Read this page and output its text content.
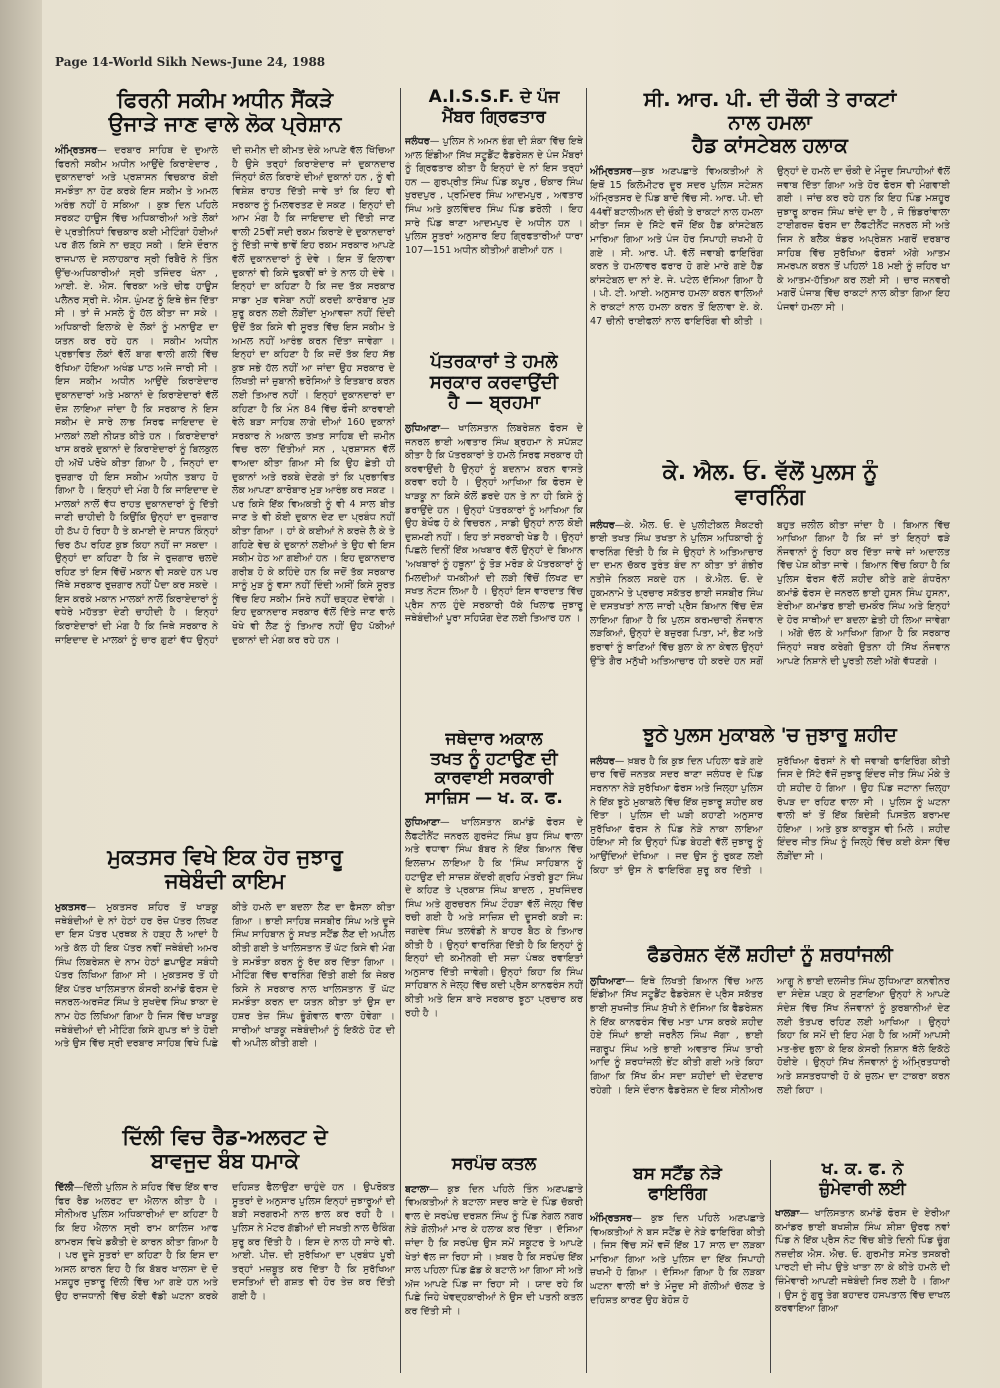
Page 14-World Sikh News-June 24, 1988
ਫਿਰਨੀ ਸਕੀਮ ਅਧੀਨ ਸੈਂਕੜੇ
ਉਜਾੜੇ ਜਾਣ ਵਾਲੇ ਲੋਕ ਪ੍ਰੇਸ਼ਾਨ
ਅੰਮ੍ਰਿਤਸਰ— ਦਰਬਾਰ ਸਾਹਿਬ ਦੇ ਦੁਆਲੇ ਫਿਰਨੀ ਸਕੀਮ ਅਧੀਨ ਆਉਂਦੇ ਕਿਰਾਏਦਾਰ , ਦੁਕਾਨਦਾਰਾਂ ਅਤੇ ਪ੍ਰਸ਼ਾਸਨ ਵਿਚਕਾਰ ਕੋਈ ਸਮਝੌਤਾ ਨਾ ਹੋਣ ਕਰਕੇ ਇਸ ਸਕੀਮ ਤੇ ਅਮਲ ਅਰੰਭ ਨਹੀਂ ਹੋ ਸਕਿਆ । ਕੁਝ ਦਿਨ ਪਹਿਲੇ ਸਰਕਟ ਹਾਊਸ ਵਿੱਚ ਅਧਿਕਾਰੀਆਂ ਅਤੇ ਲੋਕਾਂ ਦੇ ਪ੍ਰਤੀਨਿਧਾਂ ਵਿਚਕਾਰ ਕਈ ਮੀਟਿੰਗਾਂ ਹੋਈਆਂ ਪਰ ਗੱਲ ਕਿਸੇ ਨਾ ਚੜ੍ਹ ਸਕੀ । ਇਸੇ ਦੌਰਾਨ ਰਾਜਪਾਲ ਦੇ ਸਲਾਹਕਾਰ ਸ੍ਰੀ ਰਿਬੈਰੋ ਨੇ ਤਿੰਨ ਉੱਚ-ਅਧਿਕਾਰੀਆਂ ਸ੍ਰੀ ਤਜਿੰਦਰ ਖੰਨਾ , ਆਈ. ਏ. ਐਸ. ਵਿਰਕਾ ਅਤੇ ਚੀਫ ਹਾਊਸ ਪਲੈਨਰ ਸ੍ਰੀ ਜੇ. ਐਸ. ਘੁੰਮਣ ਨੂੰ ਇਥੇ ਭੇਜ ਦਿੱਤਾ ਸੀ । ਤਾਂ ਜੋ ਮਸਲੇ ਨੂੰ ਹੱਲ ਕੀਤਾ ਜਾ ਸਕੇ । ਅਧਿਕਾਰੀ ਇਲਾਕੇ ਦੇ ਲੋਕਾਂ ਨੂੰ ਮਨਾਉਣ ਦਾ ਯਤਨ ਕਰ ਰਹੇ ਹਨ । ਸਕੀਮ ਅਧੀਨ ਪ੍ਰਭਾਵਿਤ ਲੋਕਾਂ ਵੱਲੋਂ ਬਾਗ ਵਾਲੀ ਗਲੀ ਵਿੱਚ ਰੱਖਿਆ ਹੋਇਆ ਅਖੰਡ ਪਾਠ ਅਜੇ ਜਾਰੀ ਸੀ । ਇਸ ਸਕੀਮ ਅਧੀਨ ਆਉਂਦੇ ਕਿਰਾਏਦਾਰ ਦੁਕਾਨਦਾਰਾਂ ਅਤੇ ਮਕਾਨਾਂ ਦੇ ਕਿਰਾਏਦਾਰਾਂ ਵੱਲੋਂ ਦੋਸ਼ ਲਾਇਆ ਜਾਂਦਾ ਹੈ ਕਿ ਸਰਕਾਰ ਨੇ ਇਸ ਸਕੀਮ ਦੇ ਸਾਰੇ ਲਾਭ ਸਿਰਫ ਜਾਇਦਾਦ ਦੇ ਮਾਲਕਾਂ ਲਈ ਨੀਯਤ ਕੀਤੇ ਹਨ । ਕਿਰਾਏਦਾਰਾਂ ਖਾਸ ਕਰਕੇ ਦੁਕਾਨਾਂ ਦੇ ਕਿਰਾਏਦਾਰਾਂ ਨੂੰ ਬਿਲਕੁਲ ਹੀ ਅੱਖੋਂ ਪਰੋਖੇ ਕੀਤਾ ਗਿਆ ਹੈ , ਜਿਨ੍ਹਾਂ ਦਾ ਰੁਜ਼ਗਾਰ ਹੀ ਇਸ ਸਕੀਮ ਅਧੀਨ ਤਬਾਹ ਹੋ ਗਿਆ ਹੈ । ਇਨ੍ਹਾਂ ਦੀ ਮੰਗ ਹੈ ਕਿ ਜਾਇਦਾਦ ਦੇ ਮਾਲਕਾਂ ਨਾਲੋਂ ਵੱਧ ਰਾਹਤ ਦੁਕਾਨਦਾਰਾਂ ਨੂੰ ਦਿੱਤੀ ਜਾਣੀ ਚਾਹੀਦੀ ਹੈ ਕਿਉਂਕਿ ਉਨ੍ਹਾਂ ਦਾ ਰੁਜ਼ਗਾਰ ਹੀ ਠੱਪ ਹੋ ਰਿਹਾ ਹੈ ਤੇ ਕਮਾਈ ਦੇ ਸਾਧਨ ਕਿੰਨ੍ਹਾਂ ਚਿਰ ਠੱਪ ਰਹਿਣ ਕੁਝ ਕਿਹਾ ਨਹੀਂ ਜਾ ਸਕਦਾ । ਉਨ੍ਹਾਂ ਦਾ ਕਹਿਣਾ ਹੈ ਕਿ ਜੇ ਰੁਜ਼ਗਾਰ ਚਲਦੇ ਰਹਿਣ ਤਾਂ ਇਸ ਵਿੱਚੋਂ ਮਕਾਨ ਵੀ ਸਕਦੇ ਹਨ ਪਰ ਜਿੱਥੇ ਸਰਕਾਰ ਰੁਜ਼ਗਾਰ ਨਹੀਂ ਪੈਦਾ ਕਰ ਸਕਦੇ । ਇਸ ਕਰਕੇ ਮਕਾਨ ਮਾਲਕਾਂ ਨਾਲੋਂ ਕਿਰਾਏਦਾਰਾਂ ਨੂੰ ਵਧੇਰੇ ਮਹੱਤਤਾ ਦੇਣੀ ਚਾਹੀਦੀ ਹੈ । ਇਨ੍ਹਾਂ ਕਿਰਾਏਦਾਰਾਂ ਦੀ ਮੰਗ ਹੈ ਕਿ ਜਿਥੇ ਸਰਕਾਰ ਨੇ ਜਾਇਦਾਦ ਦੇ ਮਾਲਕਾਂ ਨੂੰ ਚਾਰ ਗੁਣਾਂ ਵੱਧ ਉਨ੍ਹਾਂ ਦੀ ਜ਼ਮੀਨ ਦੀ ਕੀਮਤ ਦੇਕੇ ਆਪਣੇ ਵੱਲ ਖਿੱਚਿਆ ਹੈ ਉਸੇ ਤਰ੍ਹਾਂ ਕਿਰਾਏਦਾਰ ਜਾਂ ਦੁਕਾਨਦਾਰ ਜਿੰਨ੍ਹਾਂ ਕੋਲ ਕਿਰਾਏ ਦੀਆਂ ਦੁਕਾਨਾਂ ਹਨ , ਨੂੰ ਵੀ ਵਿਸ਼ੇਸ਼ ਰਾਹਤ ਦਿੱਤੀ ਜਾਵੇ ਤਾਂ ਕਿ ਇਹ ਵੀ ਸਰਕਾਰ ਨੂੰ ਮਿਲਵਰਤਣ ਦੇ ਸਕਣ । ਇਨ੍ਹਾਂ ਦੀ ਆਮ ਮੰਗ ਹੈ ਕਿ ਜਾਇਦਾਦ ਦੀ ਦਿੱਤੀ ਜਾਣ ਵਾਲੀ 25ਵੀਂ ਸਦੀ ਰਕਮ ਕਿਰਾਏ ਦੇ ਦੁਕਾਨਦਾਰਾਂ ਨੂੰ ਦਿੱਤੀ ਜਾਵੇ ਭਾਵੇਂ ਇਹ ਰਕਮ ਸਰਕਾਰ ਆਪਣੇ ਵੱਲੋਂ ਦੁਕਾਨਦਾਰਾਂ ਨੂੰ ਦੇਵੇ । ਇਸ ਤੋਂ ਇਲਾਵਾ ਦੁਕਾਨਾਂ ਵੀ ਕਿਸੇ ਢੁਕਵੀਂ ਥਾਂ ਤੇ ਨਾਲ ਹੀ ਦੇਵੇ । ਇਨ੍ਹਾਂ ਦਾ ਕਹਿਣਾ ਹੈ ਕਿ ਜਦ ਤੱਕ ਸਰਕਾਰ ਸਾਡਾ ਮੁੜ ਵਸੇਬਾ ਨਹੀਂ ਕਰਦੀ ਕਾਰੋਬਾਰ ਮੁੜ ਸ਼ੁਰੂ ਕਰਨ ਲਈ ਲੋੜੀਂਦਾ ਮੁਆਵਜ਼ਾ ਨਹੀਂ ਦਿੰਦੀ ਉਦੋਂ ਤੱਕ ਕਿਸੇ ਵੀ ਸੂਰਤ ਵਿੱਚ ਇਸ ਸਕੀਮ ਤੇ ਅਮਲ ਨਹੀਂ ਆਰੰਭ ਕਰਨ ਦਿੱਤਾ ਜਾਵੇਗਾ । ਇਨ੍ਹਾਂ ਦਾ ਕਹਿਣਾ ਹੈ ਕਿ ਜਦੋਂ ਤੱਕ ਇਹ ਸੱਭ ਕੁਝ ਸਭੇ ਹੱਲ ਨਹੀਂ ਆ ਜਾਂਦਾ ਉਹ ਸਰਕਾਰ ਦੇ ਲਿਖਤੀ ਜਾਂ ਜ਼ੁਬਾਨੀ ਭਰੋਸਿਆਂ ਤੇ ਇਤਬਾਰ ਕਰਨ ਲਈ ਤਿਆਰ ਨਹੀਂ । ਇਨ੍ਹਾਂ ਦੁਕਾਨਦਾਰਾਂ ਦਾ ਕਹਿਣਾ ਹੈ ਕਿ ਮੰਨ 84 ਵਿੱਚ ਫੌਜੀ ਕਾਰਵਾਈ ਵੇਲੇ ਬੜਾ ਸਾਹਿਬ ਲਾਗੇ ਦੀਆਂ 160 ਦੁਕਾਨਾਂ ਸਰਕਾਰ ਨੇ ਅਕਾਲ ਤਖ਼ਤ ਸਾਹਿਬ ਦੀ ਜ਼ਮੀਨ ਵਿਚ ਰਲਾ ਦਿੱਤੀਆਂ ਸਨ , ਪ੍ਰਸ਼ਾਸਨ ਵੱਲੋਂ ਵਾਅਦਾ ਕੀਤਾ ਗਿਆ ਸੀ ਕਿ ਉਹ ਛੇਤੀ ਹੀ ਦੁਕਾਨਾਂ ਅਤੇ ਰਕਬੇ ਦੇਣਗੇ ਤਾਂ ਕਿ ਪ੍ਰਭਾਵਿਤ ਲੋਕ ਆਪਣਾ ਕਾਰੋਬਾਰ ਮੁੜ ਆਰੰਭ ਕਰ ਸਕਣ । ਪਰ ਕਿਸੇ ਇੱਕ ਵਿਅਕਤੀ ਨੂੰ ਵੀ 4 ਸਾਲ ਬੀਤ ਜਾਣ ਤੇ ਵੀ ਕੋਈ ਦੁਕਾਨ ਦੇਣ ਦਾ ਪ੍ਰਬੰਧ ਨਹੀਂ ਕੀਤਾ ਗਿਆ । ਹਾਂ ਕੇ ਕਈਆਂ ਨੇ ਕਰਜ਼ੇ ਲੈ ਕੇ ਤੇ ਗਹਿਣੇ ਵੇਚ ਕੇ ਦੁਕਾਨਾਂ ਲਈਆਂ ਤੇ ਉਹ ਵੀ ਇਸ ਸਕੀਮ ਹੇਠ ਆ ਗਈਆਂ ਹਨ । ਇਹ ਦੁਕਾਨਦਾਰ ਗਰੀਬ ਹੋ ਕੇ ਕਹਿੰਦੇ ਹਨ ਕਿ ਜਦੋਂ ਤੱਕ ਸਰਕਾਰ ਸਾਨੂੰ ਮੁੜ ਨੂੰ ਵਸਾ ਨਹੀਂ ਦਿੰਦੀ ਅਸੀਂ ਕਿਸੇ ਸੂਰਤ ਵਿੱਚ ਇਹ ਸਕੀਮ ਸਿਰੇ ਨਹੀਂ ਚੜ੍ਹਣ ਦੇਵਾਂਗੇ । ਇਹ ਦੁਕਾਨਦਾਰ ਸਰਕਾਰ ਵੱਲੋਂ ਦਿੱਤੇ ਜਾਣ ਵਾਲੇ ਖੋਖੇ ਵੀ ਲੈਣ ਨੂੰ ਤਿਆਰ ਨਹੀਂ ਉਹ ਪੱਕੀਆਂ ਦੁਕਾਨਾਂ ਦੀ ਮੰਗ ਕਰ ਰਹੇ ਹਨ ।
A.I.S.S.F. ਦੇ ਪੰਜ
ਮੈਂਬਰ ਗ੍ਰਿਫਤਾਰ
ਜਲੰਧਰ— ਪੁਲਿਸ ਨੇ ਅਮਨ ਭੰਗ ਦੀ ਸ਼ੰਕਾ ਵਿੱਚ ਇਥੇ ਆਲ ਇੰਡੀਆ ਸਿੱਖ ਸਟੂਡੈਂਟ ਫੈਡਰੇਸ਼ਨ ਦੇ ਪੰਜ ਮੈਂਬਰਾਂ ਨੂੰ ਗ੍ਰਿਫਤਾਰ ਕੀਤਾ ਹੈ ਇਨ੍ਹਾਂ ਦੇ ਨਾਂ ਇਸ ਤਰ੍ਹਾਂ ਹਨ — ਗੁਰਪ੍ਰੀਤ ਸਿੰਘ ਪਿੰਡ ਕਪੂਰ , ਓਂਕਾਰ ਸਿੰਘ ਖੁਰਦਪੁਰ , ਪ੍ਰਮਿੰਦਰ ਸਿੰਘ ਆਦਮਪੁਰ , ਅਵਤਾਰ ਸਿੰਘ ਅਤੇ ਕੁਲਵਿੰਦਰ ਸਿੰਘ ਪਿੰਡ ਡਰੋਲੀ । ਇਹ ਸਾਰੇ ਪਿੰਡ ਥਾਣਾ ਆਦਮਪੁਰ ਦੇ ਅਧੀਨ ਹਨ । ਪੁਲਿਸ ਸੂਤਰਾਂ ਅਨੁਸਾਰ ਇਹ ਗ੍ਰਿਫਤਾਰੀਆਂ ਧਾਰਾ 107—151 ਅਧੀਨ ਕੀਤੀਆਂ ਗਈਆਂ ਹਨ ।
ਸੀ. ਆਰ. ਪੀ. ਦੀ ਚੌਕੀ ਤੇ ਰਾਕਟਾਂ
ਨਾਲ ਹਮਲਾ
ਹੈਡ ਕਾਂਸਟੇਬਲ ਹਲਾਕ
ਅੰਮ੍ਰਿਤਸਰ—ਕੁਝ ਅਣਪਛਾਤੇ ਵਿਅਕਤੀਆਂ ਨੇ ਇਥੋਂ 15 ਕਿਲੋਮੀਟਰ ਦੂਰ ਸਦਰ ਪੁਲਿਸ ਸਟੇਸ਼ਨ ਅੰਮ੍ਰਿਤਸਰ ਦੇ ਪਿੰਡ ਬਾਦੋ ਵਿੱਚ ਸੀ. ਆਰ. ਪੀ. ਦੀ 44ਵੀਂ ਬਟਾਲੀਅਨ ਦੀ ਚੌਕੀ ਤੇ ਰਾਕਟਾਂ ਨਾਲ ਹਮਲਾ ਕੀਤਾ ਜਿਸ ਦੇ ਸਿੱਟੇ ਵਜੋਂ ਇੱਕ ਹੈਡ ਕਾਂਸਟੇਬਲ ਮਾਰਿਆ ਗਿਆ ਅਤੇ ਪੰਜ ਹੋਰ ਸਿਪਾਹੀ ਜ਼ਖਮੀ ਹੋ ਗਏ । ਸੀ. ਆਰ. ਪੀ. ਵੱਲੋਂ ਜਵਾਬੀ ਫਾਇਰਿੰਗ ਕਰਨ ਤੇ ਹਮਲਾਵਰ ਫਰਾਰ ਹੋ ਗਏ ਮਾਰੇ ਗਏ ਹੈਡ ਕਾਂਸਟੇਬਲ ਦਾ ਨਾਂ ਏ. ਜੇ. ਪਟੇਲ ਦੱਸਿਆ ਗਿਆ ਹੈ । ਪੀ. ਟੀ. ਆਈ. ਅਨੁਸਾਰ ਹਮਲਾ ਕਰਨ ਵਾਲਿਆਂ ਨੇ ਰਾਕਟਾਂ ਨਾਲ ਹਮਲਾ ਕਰਨ ਤੋਂ ਇਲਾਵਾ ਏ. ਕੇ. 47 ਚੀਨੀ ਰਾਈਫਲਾਂ ਨਾਲ ਫਾਇਰਿੰਗ ਵੀ ਕੀਤੀ । ਉਨ੍ਹਾਂ ਦੇ ਹਮਲੇ ਦਾ ਚੌਕੀ ਦੇ ਮੌਜੂਦ ਸਿਪਾਹੀਆਂ ਵੱਲੋਂ ਜਵਾਬ ਦਿੱਤਾ ਗਿਆ ਅਤੇ ਹੋਰ ਫੋਰਸ ਵੀ ਮੰਗਵਾਈ ਗਈ । ਜਾਂਚ ਕਰ ਰਹੇ ਹਨ ਕਿ ਇਹ ਪਿੰਡ ਮਸ਼ਹੂਰ ਜੁਝਾਰੂ ਕਾਰਜ ਸਿੰਘ ਥਾਂਦੇ ਦਾ ਹੈ , ਜੋ ਭਿੰਡਰਾਂਵਾਲਾ ਟਾਈਗਰਜ਼ ਫੋਰਸ ਦਾ ਲੈਫਟੀਨੈਂਟ ਜਨਰਲ ਸੀ ਅਤੇ ਜਿਸ ਨੇ ਬਲੈਕ ਥੰਡਰ ਅਪ੍ਰੇਸ਼ਨ ਮਗਰੋਂ ਦਰਬਾਰ ਸਾਹਿਬ ਵਿੱਚ ਸੁਰੱਖਿਆ ਫੋਰਸਾਂ ਅੱਗੇ ਆਤਮ ਸਮਰਪਨ ਕਰਨ ਤੋਂ ਪਹਿਲਾਂ 18 ਮਈ ਨੂੰ ਜ਼ਹਿਰ ਖਾ ਕੇ ਆਤਮ-ਹੱਤਿਆ ਕਰ ਲਈ ਸੀ । ਚਾਰ ਜਨਵਰੀ ਮਗਰੋਂ ਪੰਜਾਬ ਵਿੱਚ ਰਾਕਟਾਂ ਨਾਲ ਕੀਤਾ ਗਿਆ ਇਹ ਪੰਜਵਾਂ ਹਮਲਾ ਸੀ ।
ਪੱਤਰਕਾਰਾਂ ਤੇ ਹਮਲੇ
ਸਰਕਾਰ ਕਰਵਾਉਂਦੀ
ਹੈ — ਬ੍ਰਹਮਾ
ਲੁਧਿਆਣਾ— ਖਾਲਿਸਤਾਨ ਲਿਬਰੇਸ਼ਨ ਫੋਰਸ ਦੇ ਜਨਰਲ ਭਾਈ ਅਵਤਾਰ ਸਿੰਘ ਬ੍ਰਹਮਾ ਨੇ ਸਪੱਸ਼ਟ ਕੀਤਾ ਹੈ ਕਿ ਪੱਤਰਕਾਰਾਂ ਤੇ ਹਮਲੇ ਸਿਰਫ ਸਰਕਾਰ ਹੀ ਕਰਵਾਉਂਦੀ ਹੈ ਉਨ੍ਹਾਂ ਨੂੰ ਬਦਨਾਮ ਕਰਨ ਵਾਸਤੇ ਕਰਵਾ ਰਹੀ ਹੈ । ਉਨ੍ਹਾਂ ਆਖਿਆ ਕਿ ਫੋਰਸ ਦੇ ਖਾੜਕੂ ਨਾ ਕਿਸੇ ਕੋਲੋਂ ਡਰਦੇ ਹਨ ਤੇ ਨਾ ਹੀ ਕਿਸੇ ਨੂੰ ਡਰਾਉਂਦੇ ਹਨ । ਉਨ੍ਹਾਂ ਪੱਤਰਕਾਰਾਂ ਨੂੰ ਆਖਿਆ ਕਿ ਉਹ ਬੇਖੌਫ ਹੋ ਕੇ ਵਿਚਰਨ , ਸਾਡੀ ਉਨ੍ਹਾਂ ਨਾਲ ਕੋਈ ਦੁਸ਼ਮਣੀ ਨਹੀਂ । ਇਹ ਤਾਂ ਸਰਕਾਰੀ ਖੇਡ ਹੈ । ਉਨ੍ਹਾਂ ਪਿਛਲੇ ਦਿਨੀਂ ਇੱਕ ਅਖਬਾਰ ਵੱਲੋਂ ਉਨ੍ਹਾਂ ਦੇ ਬਿਆਨ 'ਅਖਬਾਰਾਂ ਨੂੰ ਹਥੂਨਾ' ਨੂੰ ਤੋੜ ਮਰੋੜ ਕੇ ਪੱਤਰਕਾਰਾਂ ਨੂੰ ਮਿਲਦੀਆਂ ਧਮਕੀਆਂ ਦੀ ਲੜੀ ਵਿੱਚੋਂ ਲਿਖਣ ਦਾ ਸਖਤ ਨੋਟਸ ਲਿਆ ਹੈ । ਉਨ੍ਹਾਂ ਇਸ ਵਾਰਦਾਤ ਵਿੱਚ ਪ੍ਰੈਸ ਨਾਲ ਹੁੰਦੇ ਸਰਕਾਰੀ ਧੱਕੇ ਖਿਲਾਫ ਜੁਝਾਰੂ ਜਥੇਬੰਦੀਆਂ ਪੂਰਾ ਸਹਿਯੋਗ ਦੇਣ ਲਈ ਤਿਆਰ ਹਨ ।
ਕੇ. ਐਲ. ਓ. ਵੱਲੋਂ ਪੁਲਸ ਨੂੰ
ਵਾਰਨਿੰਗ
ਜਲੰਧਰ—ਕੇ. ਐਲ. ਓ. ਦੇ ਪੁਲੀਟੀਕਲ ਸੈਕਟਰੀ ਭਾਈ ਤਖਤ ਸਿੰਘ ਤਖਤਾ ਨੇ ਪੁਲਿਸ ਅਧਿਕਾਰੀ ਨੂੰ ਵਾਰਨਿੰਗ ਦਿੱਤੀ ਹੈ ਕਿ ਜੇ ਉਨ੍ਹਾਂ ਨੇ ਅਤਿਆਚਾਰ ਦਾ ਦਮਨ ਚੱਕਰ ਤੁਰੰਤ ਬੰਦ ਨਾ ਕੀਤਾ ਤਾਂ ਗੰਭੀਰ ਨਤੀਜੇ ਨਿਕਲ ਸਕਦੇ ਹਨ । ਕੇ.ਐਲ. ਓ. ਦੇ ਹੁਕਮਨਾਮੇ ਤੇ ਪ੍ਰਚਾਰ ਸਕੱਤਰ ਭਾਈ ਜਸਬੀਰ ਸਿੰਘ ਦੇ ਦਸਤਖਤਾਂ ਨਾਲ ਜਾਰੀ ਪ੍ਰੈਸ ਬਿਆਨ ਵਿੱਚ ਦੋਸ਼ ਲਾਇਆ ਗਿਆ ਹੈ ਕਿ ਪੁਲਸ ਕਰਮਚਾਰੀ ਨੌਜਵਾਨ ਲੜਕਿਆਂ, ਉਨ੍ਹਾਂ ਦੇ ਬਜ਼ੁਰਗ ਪਿਤਾ, ਮਾਂ, ਭੈਣ ਅਤੇ ਭਰਾਵਾਂ ਨੂੰ ਥਾਣਿਆਂ ਵਿੱਚ ਬੁਲਾ ਕੇ ਨਾ ਕੇਵਲ ਉਨ੍ਹਾਂ ਉੱਤੇ ਗੈਰ ਮਨੁੱਖੀ ਅਤਿਆਚਾਰ ਹੀ ਕਰਦੇ ਹਨ ਸਗੋਂ ਬਹੁਤ ਜ਼ਲੀਲ ਕੀਤਾ ਜਾਂਦਾ ਹੈ । ਬਿਆਨ ਵਿੱਚ ਆਖਿਆ ਗਿਆ ਹੈ ਕਿ ਜਾਂ ਤਾਂ ਇਨ੍ਹਾਂ ਫੜੇ ਨੌਜਵਾਨਾਂ ਨੂੰ ਰਿਹਾ ਕਰ ਦਿੱਤਾ ਜਾਵੇ ਜਾਂ ਅਦਾਲਤ ਵਿੱਚ ਪੇਸ਼ ਕੀਤਾ ਜਾਵੇ । ਬਿਆਨ ਵਿੱਚ ਕਿਹਾ ਹੈ ਕਿ ਪੁਲਿਸ ਫੋਰਸ ਵੱਲੋਂ ਸ਼ਹੀਦ ਕੀਤੇ ਗਏ ਗੰਧਰੋਨਾ ਕਮਾਂਡੋ ਫੋਰਸ ਦੇ ਜਨਰਲ ਭਾਈ ਹੁਸਨ ਸਿੰਘ ਹੁਸਨਾ, ਏਰੀਆ ਕਮਾਂਡਰ ਭਾਈ ਚਮਕੌਰ ਸਿੰਘ ਅਤੇ ਇਨ੍ਹਾਂ ਦੇ ਹੋਰ ਸਾਥੀਆਂ ਦਾ ਬਦਲਾ ਛੇਤੀ ਹੀ ਲਿਆ ਜਾਵੇਗਾ । ਅੱਗੇ ਚੱਲ ਕੇ ਆਖਿਆ ਗਿਆ ਹੈ ਕਿ ਸਰਕਾਰ ਜਿੰਨ੍ਹਾਂ ਜਬਰ ਕਰੇਗੀ ਉਤਨਾ ਹੀ ਸਿੱਖ ਨੌਜਵਾਨ ਆਪਣੇ ਨਿਸ਼ਾਨੇ ਦੀ ਪੂਰਤੀ ਲਈ ਅੱਗੇ ਵੱਧਣਗੇ ।
ਜਥੇਦਾਰ ਅਕਾਲ
ਤਖਤ ਨੂੰ ਹਟਾਉਣ ਦੀ
ਕਾਰਵਾਈ ਸਰਕਾਰੀ
ਸਾਜ਼ਿਸ — ਖ. ਕ. ਫ.
ਲੁਧਿਆਣਾ— ਖਾਲਿਸਤਾਨ ਕਮਾਂਡੋ ਫੋਰਸ ਦੇ ਲੈਫਟੀਨੈਂਟ ਜਨਰਲ ਗੁਰਜੰਟ ਸਿੰਘ ਬੁਧ ਸਿੰਘ ਵਾਲਾ ਅਤੇ ਵਧਾਵਾ ਸਿੰਘ ਬੱਬਰ ਨੇ ਇੱਕ ਬਿਆਨ ਵਿੱਚ ਇਲਜ਼ਾਮ ਲਾਇਆ ਹੈ ਕਿ 'ਸਿੰਘ ਸਾਹਿਬਾਨ ਨੂੰ ਹਟਾਉਣ ਦੀ ਸਾਜ਼ਸ਼ ਕੇਂਦਰੀ ਗ੍ਰਹਿ ਮੰਤਰੀ ਬੂਟਾ ਸਿੰਘ ਦੇ ਕਹਿਣ ਤੇ ਪ੍ਰਕਾਸ਼ ਸਿੰਘ ਬਾਦਲ , ਸੁਖਜਿੰਦਰ ਸਿੰਘ ਅਤੇ ਗੁਰਚਰਨ ਸਿੰਘ ਟੌਹੜਾ ਵੱਲੋਂ ਜੇਲ੍ਹ ਵਿੱਚ ਰਚੀ ਗਈ ਹੈ ਅਤੇ ਸਾਜ਼ਿਸ਼ ਦੀ ਦੂਸਰੀ ਕੜੀ ਜ: ਜਗਦੇਵ ਸਿੰਘ ਤਲਵੰਡੀ ਨੇ ਬਾਹਰ ਬੈਠ ਕੇ ਤਿਆਰ ਕੀਤੀ ਹੈ । ਉਨ੍ਹਾਂ ਵਾਰਨਿੰਗ ਦਿੱਤੀ ਹੈ ਕਿ ਇਨ੍ਹਾਂ ਨੂੰ ਇਨ੍ਹਾਂ ਦੀ ਕਮੀਨਗੀ ਦੀ ਸਜ਼ਾ ਪੰਥਕ ਰਵਾਇਤਾਂ ਅਨੁਸਾਰ ਦਿੱਤੀ ਜਾਵੇਗੀ। ਉਨ੍ਹਾਂ ਕਿਹਾ ਕਿ ਸਿੰਘ ਸਾਹਿਬਾਨ ਨੇ ਜੇਲ੍ਹ ਵਿੱਚ ਕਦੀ ਪ੍ਰੈਸ ਕਾਨਫਰੰਸ ਨਹੀਂ ਕੀਤੀ ਅਤੇ ਇਸ ਬਾਰੇ ਸਰਕਾਰ ਝੂਠਾ ਪ੍ਰਚਾਰ ਕਰ ਰਹੀ ਹੈ ।
ਝੂਠੇ ਪੁਲਸ ਮੁਕਾਬਲੇ 'ਚ ਜੁਝਾਰੂ ਸ਼ਹੀਦ
ਜਲੰਧਰ— ਖ਼ਬਰ ਹੈ ਕਿ ਕੁਝ ਦਿਨ ਪਹਿਲਾ ਫੜੇ ਗਏ ਚਾਰ ਵਿਚੋਂ ਜਨਤਕ ਸਦਰ ਥਾਣਾ ਜਲੰਧਰ ਦੇ ਪਿੰਡ ਸਰਨਾਨਾ ਨੇੜੇ ਸੁਰੱਖਿਆ ਫੋਰਸ ਅਤੇ ਜਿਲ੍ਹਾ ਪੁਲਿਸ ਨੇ ਇੱਕ ਝੂਠੇ ਮੁਕਾਬਲੇ ਵਿੱਚ ਇੱਕ ਜੁਝਾਰੂ ਸ਼ਹੀਦ ਕਰ ਦਿੱਤਾ । ਪੁਲਿਸ ਦੀ ਘੜੀ ਕਹਾਣੀ ਅਨੁਸਾਰ ਸੁਰੱਖਿਆ ਫੋਰਸ ਨੇ ਪਿੰਡ ਨੇੜੇ ਨਾਕਾ ਲਾਇਆ ਹੋਇਆ ਸੀ ਕਿ ਉਨ੍ਹਾਂ ਪਿੰਡ ਬੇਹਣੀ ਵੱਲੋਂ ਜੁਝਾਰੂ ਨੂੰ ਆਉਂਦਿਆਂ ਦੇਖਿਆ । ਜਦ ਉਸ ਨੂੰ ਰੁਕਣ ਲਈ ਕਿਹਾ ਤਾਂ ਉਸ ਨੇ ਫਾਇਰਿੰਗ ਸ਼ੁਰੂ ਕਰ ਦਿੱਤੀ । ਸੁਰੱਖਿਆ ਫੋਰਸਾਂ ਨੇ ਵੀ ਜਵਾਬੀ ਫਾਇਰਿੰਗ ਕੀਤੀ ਜਿਸ ਦੇ ਸਿੱਟੇ ਵੱਜੋਂ ਜੁਝਾਰੂ ਇੰਦਰ ਜੀਤ ਸਿੰਘ ਮੌਕੇ ਤੇ ਹੀ ਸ਼ਹੀਦ ਹੋ ਗਿਆ । ਉਹ ਪਿੰਡ ਜਟਾਨਾ ਜ਼ਿਲ੍ਹਾ ਰੋਪੜ ਦਾ ਰਹਿਣ ਵਾਲਾ ਸੀ । ਪੁਲਿਸ ਨੂੰ ਘਟਨਾ ਵਾਲੀ ਥਾਂ ਤੋਂ ਇੱਕ ਬਿਦੇਸ਼ੀ ਪਿਸਤੋਲ ਬਰਾਮਦ ਹੋਇਆ । ਅਤੇ ਕੁਝ ਕਾਰਤੂਸ ਵੀ ਮਿਲੇ । ਸ਼ਹੀਦ ਇੰਦਰ ਜੀਤ ਸਿੰਘ ਨੂੰ ਜਿਲ੍ਹੇ ਵਿੱਚ ਕਈ ਕੇਸਾ ਵਿੱਚ ਲੋੜੀਂਦਾ ਸੀ ।
ਮੁਕਤਸਰ ਵਿਖੇ ਇਕ ਹੋਰ ਜੁਝਾਰੂ
ਜਥੇਬੰਦੀ ਕਾਇਮ
ਮੁਕਤਸਰ— ਮੁਕਤਸਰ ਸ਼ਹਿਰ ਤੋਂ ਖਾੜਕੂ ਜਥੇਬੰਦੀਆਂ ਦੇ ਨਾਂ ਹੇਠਾਂ ਹਰ ਰੋਜ਼ ਪੱਤਰ ਲਿਖਣ ਦਾ ਇਸ ਪੱਤਰ ਪ੍ਰਥਕ ਨੇ ਹੜ੍ਹ ਲੈ ਆਦਾਂ ਹੈ ਅਤੇ ਕੱਲ ਹੀ ਇਕ ਪੱਤਰ ਨਵੀਂ ਜਥੇਬੰਦੀ ਅਮਰ ਸਿੰਘ ਲਿਬਰੇਸ਼ਨ ਦੇ ਨਾਮ ਹੇਠਾਂ ਛਪਾਉਣ ਸਬੰਧੀ ਪੱਤਰ ਲਿਖਿਆ ਗਿਆ ਸੀ । ਮੁਕਤਸਰ ਤੋਂ ਹੀ ਇੱਕ ਪੱਤਰ ਖਾਲਿਸਤਾਨ ਕੌਸਰੀ ਕਮਾਂਡੋ ਫੋਰਸ ਦੇ ਜਨਰਲ-ਅਰਜੋਣ ਸਿੰਘ ਤੇ ਸੁਖਦੇਵ ਸਿੰਘ ਝਾਕਾ ਦੇ ਨਾਮ ਹੇਠ ਲਿਖਿਆ ਗਿਆ ਹੈ ਜਿਸ ਵਿੱਚ ਖਾੜਕੂ ਜਥੇਬੰਦੀਆਂ ਦੀ ਮੀਟਿੰਗ ਕਿਸੇ ਗੁਪਤ ਥਾਂ ਤੇ ਹੋਈ ਅਤੇ ਉਸ ਵਿੱਚ ਸ੍ਰੀ ਦਰਬਾਰ ਸਾਹਿਬ ਵਿਖੇ ਪਿਛੇ ਕੀਤੇ ਹਮਲੇ ਦਾ ਬਦਲਾ ਲੈਣ ਦਾ ਫੈਸਲਾ ਕੀਤਾ ਗਿਆ । ਭਾਈ ਸਾਹਿਬ ਜਸਬੀਰ ਸਿੰਘ ਅਤੇ ਦੂਜੇ ਸਿੰਘ ਸਾਹਿਬਾਨ ਨੂੰ ਸਖਤ ਸਟੈਂਡ ਲੈਣ ਦੀ ਅਪੀਲ ਕੀਤੀ ਗਈ ਤੇ ਖਾਲਿਸਤਾਨ ਤੋਂ ਘੱਟ ਕਿਸੇ ਵੀ ਮੰਗ ਤੇ ਸਮਝੌਤਾ ਕਰਨ ਨੂੰ ਰੱਦ ਕਰ ਦਿੱਤਾ ਗਿਆ । ਮੀਟਿੰਗ ਵਿੱਚ ਵਾਰਨਿੰਗ ਦਿੱਤੀ ਗਈ ਕਿ ਜੇਕਰ ਕਿਸੇ ਨੇ ਸਰਕਾਰ ਨਾਲ ਖਾਲਿਸਤਾਨ ਤੋਂ ਘੱਟ ਸਮਝੌਤਾ ਕਰਨ ਦਾ ਯਤਨ ਕੀਤਾ ਤਾਂ ਉਸ ਦਾ ਹਸ਼ਰ ਤੇਜ਼ ਸਿੰਘ ਭੂੰਗੋਵਾਲ ਵਾਲਾ ਹੋਵੇਗਾ । ਸਾਰੀਆਂ ਖਾੜਕੂ ਜਥੇਬੰਦੀਆਂ ਨੂੰ ਇਕੱਠੇ ਹੋਣ ਦੀ ਵੀ ਅਪੀਲ ਕੀਤੀ ਗਈ ।
ਫੈਡਰੇਸ਼ਨ ਵੱਲੋਂ ਸ਼ਹੀਦਾਂ ਨੂੰ ਸ਼ਰਧਾਂਜਲੀ
ਲੁਧਿਆਣਾ— ਇਥੇ ਲਿਖਤੀ ਬਿਆਨ ਵਿੱਚ ਆਲ ਇੰਡੀਆ ਸਿੱਖ ਸਟੂਡੈਂਟ ਫੈਡਰੇਸ਼ਨ ਦੇ ਪ੍ਰੈਸ ਸਕੱਤਰ ਭਾਈ ਸੁਖਜੀਤ ਸਿੰਘ ਸੁੱਖੀ ਨੇ ਦੱਸਿਆ ਕਿ ਫੈਡਰੇਸ਼ਨ ਨੇ ਇੱਕ ਕਾਨਫਰੰਸ ਵਿੱਚ ਮਤਾ ਪਾਸ ਕਰਕੇ ਸ਼ਹੀਦ ਹੋਏ ਸਿੰਘਾਂ ਭਾਈ ਜਰਨੈਲ ਸਿੰਘ ਜੱਗਾ , ਭਾਈ ਜਗਰੂਪ ਸਿੰਘ ਅਤੇ ਭਾਈ ਅਵਤਾਰ ਸਿੰਘ ਤਾਰੀ ਆਦਿ ਨੂੰ ਸ਼ਰਧਾਂਜਲੀ ਭੇਂਟ ਕੀਤੀ ਗਈ ਅਤੇ ਕਿਹਾ ਗਿਆ ਕਿ ਸਿੱਖ ਕੌਮ ਸਦਾ ਸ਼ਹੀਦਾਂ ਦੀ ਦੇਣਦਾਰ ਰਹੇਗੀ । ਇਸੇ ਦੌਰਾਨ ਫੈਡਰੇਸ਼ਨ ਦੇ ਇਕ ਸੀਨੀਅਰ ਆਗੂ ਨੇ ਭਾਈ ਦਲਜੀਤ ਸਿੰਘ ਲੁਧਿਆਣਾ ਕਨਵੀਨਰ ਦਾ ਸੰਦੇਸ਼ ਪੜ੍ਹ ਕੇ ਸੁਣਾਇਆ ਉਨ੍ਹਾਂ ਨੇ ਆਪਣੇ ਸੰਦੇਸ਼ ਵਿੱਚ ਸਿੱਖ ਨੌਜਵਾਨਾਂ ਨੂੰ ਕੁਰਬਾਨੀਆਂ ਦੇਣ ਲਈ ਤੱਤਪਰ ਰਹਿਣ ਲਈ ਆਖਿਆ । ਉਨ੍ਹਾਂ ਕਿਹਾ ਕਿ ਸਮੇਂ ਦੀ ਇਹ ਮੰਗ ਹੈ ਕਿ ਅਸੀਂ ਆਪਸੀ ਮਤ-ਭੇਦ ਭੁਲਾ ਕੇ ਇਕ ਕੇਸਰੀ ਨਿਸ਼ਾਨ ਥੱਲੇ ਇਕੱਠੇ ਹੋਈਏ । ਉਨ੍ਹਾਂ ਸਿੱਖ ਨੌਜਵਾਨਾਂ ਨੂੰ ਅੰਮ੍ਰਿਤਧਾਰੀ ਅਤੇ ਸ਼ਸਤਰਧਾਰੀ ਹੋ ਕੇ ਜ਼ੁਲਮ ਦਾ ਟਾਕਰਾ ਕਰਨ ਲਈ ਕਿਹਾ ।
ਦਿੱਲੀ ਵਿਚ ਰੈਡ-ਅਲਰਟ ਦੇ
ਬਾਵਜੂਦ ਬੰਬ ਧਮਾਕੇ
ਦਿੱਲੀ—ਦਿੱਲੀ ਪੁਲਿਸ ਨੇ ਸ਼ਹਿਰ ਵਿੱਚ ਇੱਕ ਵਾਰ ਫਿਰ ਰੈਡ ਅਲਰਟ ਦਾ ਐਲਾਨ ਕੀਤਾ ਹੈ । ਸੀਨੀਅਰ ਪੁਲਿਸ ਅਧਿਕਾਰੀਆਂ ਦਾ ਕਹਿਣਾ ਹੈ ਕਿ ਇਹ ਐਲਾਨ ਸ੍ਰੀ ਰਾਮ ਕਾਲਿਜ ਆਫ ਕਾਮਰਸ ਵਿਖੇ ਡਕੈਤੀ ਦੇ ਕਾਰਨ ਕੀਤਾ ਗਿਆ ਹੈ । ਪਰ ਦੂਜੇ ਸੂਤਰਾਂ ਦਾ ਕਹਿਣਾ ਹੈ ਕਿ ਇਸ ਦਾ ਅਸਲ ਕਾਰਨ ਇਹ ਹੈ ਕਿ ਬੱਬਰ ਖਾਲਸਾ ਦੇ ਦੋ ਮਸ਼ਹੂਰ ਜੁਝਾਰੂ ਦਿੱਲੀ ਵਿੱਚ ਆ ਗਏ ਹਨ ਅਤੇ ਉਹ ਰਾਜਧਾਨੀ ਵਿੱਚ ਕੋਈ ਵੱਡੀ ਘਟਨਾ ਕਰਕੇ ਦਹਿਸ਼ਤ ਫੈਲਾਉਣਾ ਚਾਹੁੰਦੇ ਹਨ । ਉਪਰੋਕਤ ਸੂਤਰਾਂ ਦੇ ਅਨੁਸਾਰ ਪੁਲਿਸ ਇਨ੍ਹਾਂ ਜੁਝਾਰੂਆਂ ਦੀ ਬੜੀ ਸਰਗਰਮੀ ਨਾਲ ਭਾਲ ਕਰ ਰਹੀ ਹੈ । ਪੁਲਿਸ ਨੇ ਮੋਟਰ ਗੱਡੀਆਂ ਦੀ ਸਖਤੀ ਨਾਲ ਚੈਕਿੰਗ ਸ਼ੁਰੂ ਕਰ ਦਿੱਤੀ ਹੈ । ਇਸ ਦੇ ਨਾਲ ਹੀ ਸਾਰੇ ਵੀ. ਆਈ. ਪੀਜ਼. ਦੀ ਸੁਰੱਖਿਆ ਦਾ ਪ੍ਰਬੰਧ ਪੂਰੀ ਤਰ੍ਹਾਂ ਮਜ਼ਬੂਤ ਕਰ ਦਿੱਤਾ ਹੈ ਕਿ ਸੁਰੱਖਿਆ ਦਸਤਿਆਂ ਦੀ ਗਸ਼ਤ ਵੀ ਹੋਰ ਤੇਜ਼ ਕਰ ਦਿੱਤੀ ਗਈ ਹੈ ।
ਸਰਪੰਚ ਕਤਲ
ਬਟਾਲਾ— ਕੁਝ ਦਿਨ ਪਹਿਲੇ ਤਿੰਨ ਅਣਪਛਾਤੇ ਵਿਅਕਤੀਆਂ ਨੇ ਬਟਾਲਾ ਸਦਰ ਥਾਣੇ ਦੇ ਪਿੰਡ ਚੱਕਰੀ ਵਾਲ ਦੇ ਸਰਪੰਚ ਦਰਸ਼ਨ ਸਿੰਘ ਨੂੰ ਪਿੰਡ ਨੇਗਲ ਨਗਰ ਨੇੜੇ ਗੋਲੀਆਂ ਮਾਰ ਕੇ ਹਲਾਕ ਕਰ ਦਿੱਤਾ । ਦੱਸਿਆ ਜਾਂਦਾ ਹੈ ਕਿ ਸਰਪੰਚ ਉਸ ਸਮੇਂ ਸਕੂਟਰ ਤੇ ਆਪਣੇ ਖੇਤਾਂ ਵੱਲ ਜਾ ਰਿਹਾ ਸੀ । ਖ਼ਬਰ ਹੈ ਕਿ ਸਰਪੰਚ ਇੱਕ ਸਾਲ ਪਹਿਲਾ ਪਿੰਡ ਛੱਡ ਕੇ ਬਟਾਲੇ ਆ ਗਿਆ ਸੀ ਅਤੇ ਅੱਜ ਆਪਣੇ ਪਿੰਡ ਜਾ ਰਿਹਾ ਸੀ । ਯਾਦ ਰਹੇ ਕਿ ਪਿਛੇ ਜਿਹੇ ਖੇਵਦ੍ਹਕਾਰੀਆਂ ਨੇ ਉਸ ਦੀ ਪਤਨੀ ਕਤਲ ਕਰ ਦਿੱਤੀ ਸੀ ।
ਬਸ ਸਟੈਂਡ ਨੇੜੇ
ਫਾਇਰਿੰਗ
ਅੰਮ੍ਰਿਤਸਰ— ਕੁਝ ਦਿਨ ਪਹਿਲੇ ਅਣਪਛਾਤੇ ਵਿਅਕਤੀਆਂ ਨੇ ਬਸ ਸਟੈਂਡ ਦੇ ਨੇੜੇ ਫਾਇਰਿੰਗ ਕੀਤੀ । ਜਿਸ ਵਿੱਚ ਸਮੇਂ ਵਜੋਂ ਇੱਕ 17 ਸਾਲ ਦਾ ਲੜਕਾ ਮਾਰਿਆ ਗਿਆ ਅਤੇ ਪੁਲਿਸ ਦਾ ਇੱਕ ਸਿਪਾਹੀ ਜ਼ਖਮੀ ਹੋ ਗਿਆ । ਦੱਸਿਆ ਗਿਆ ਹੈ ਕਿ ਲੜਕਾ ਘਟਨਾ ਵਾਲੀ ਥਾਂ ਤੇ ਮੌਜੂਦ ਸੀ ਗੋਲੀਆਂ ਚੱਲਣ ਤੇ ਦਹਿਸ਼ਤ ਕਾਰਣ ਉਹ ਬੇਹੋਸ਼ ਹੋ
ਖ. ਕ. ਫ. ਨੇ
ਜ਼ੁੰਮੇਵਾਰੀ ਲਈ
ਖਾਲੜਾ— ਖਾਲਿਸਤਾਨ ਕਮਾਂਡੋ ਫੋਰਸ ਦੇ ਏਰੀਆ ਕਮਾਂਡਰ ਭਾਈ ਬਖਸ਼ੀਸ਼ ਸਿੰਘ ਸ਼ੀਸ਼ਾ ਉਰਫ ਨਵਾਂ ਪਿੰਡ ਨੇ ਇੱਕ ਪ੍ਰੈਸ ਨੋਟ ਵਿੱਚ ਬੀਤੇ ਦਿਨੀ ਪਿੰਡ ਚੂੰਗ ਨਜ਼ਦੀਕ ਐਸ. ਐਚ. ਓ. ਗੁਰਮੀਤ ਸਮੇਤ ਤਸਕਰੀ ਪਾਰਟੀ ਦੀ ਜੀਪ ਉਤੇ ਖਾਤਾ ਲਾ ਕੇ ਕੀਤੇ ਹਮਲੇ ਦੀ ਜ਼ਿੰਮੇਵਾਰੀ ਆਪਣੀ ਜਥੇਬੰਦੀ ਸਿਰ ਲਈ ਹੈ । ਗਿਆ । ਉਸ ਨੂੰ ਗੁਰੂ ਤੇਗ ਬਹਾਦਰ ਹਸਪਤਾਲ ਵਿੱਚ ਦਾਖਲ ਕਰਵਾਇਆ ਗਿਆ
